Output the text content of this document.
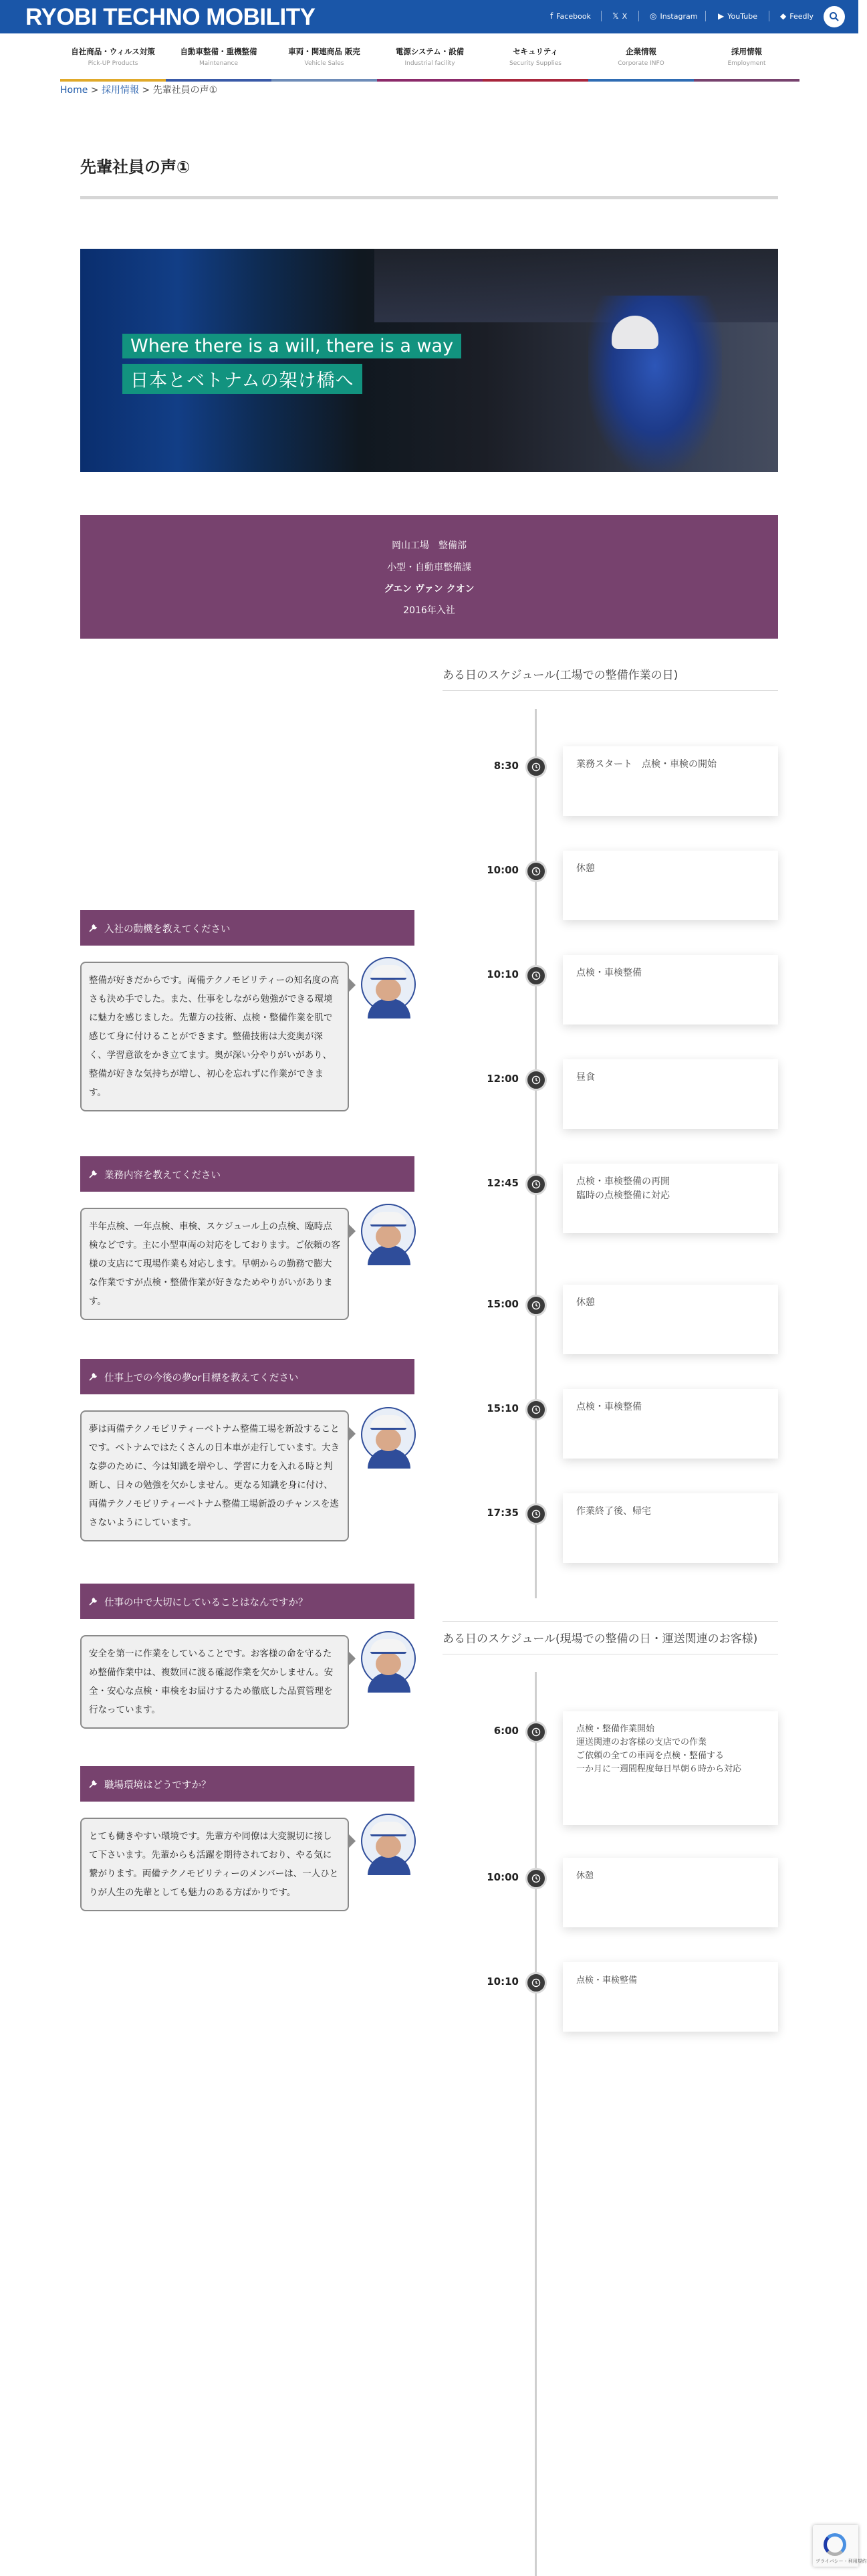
RYOBI TECHNO MOBILITY	f Facebook	𝕏 X	◎ Instagram	▶ YouTube	◆ Feedly
自社商品・ウィルス対策
Pick-UP Products
自動車整備・重機整備
Maintenance
車両・関連商品 販売
Vehicle Sales
電源システム・設備
Industrial facility
セキュリティ
Security Supplies
企業情報
Corporate INFO
採用情報
Employment
Home > 採用情報 > 先輩社員の声①
先輩社員の声①
Where there is a will, there is a way
日本とベトナムの架け橋へ
岡山工場　整備部
小型・自動車整備課
グエン ヴァン クオン
2016年入社
ある日のスケジュール(工場での整備作業の日)
8:30	業務スタート　点検・車検の開始
10:00	休憩
10:10	点検・車検整備
12:00	昼食
12:45	点検・車検整備の再開
臨時の点検整備に対応
15:00	休憩
15:10	点検・車検整備
17:35	作業終了後、帰宅
ある日のスケジュール(現場での整備の日・運送関連のお客様)
6:00	点検・整備作業開始
運送関連のお客様の支店での作業
ご依頼の全ての車両を点検・整備する
一か月に一週間程度毎日早朝６時から対応
10:00	休憩
10:10	点検・車検整備
入社の動機を教えてください
整備が好きだからです。両備テクノモビリティーの知名度の高さも決め手でした。また、仕事をしながら勉強ができる環境に魅力を感じました。先輩方の技術、点検・整備作業を肌で感じて身に付けることができます。整備技術は大変奥が深く、学習意欲をかき立てます。奥が深い分やりがいがあり、整備が好きな気持ちが増し、初心を忘れずに作業ができます。
業務内容を教えてください
半年点検、一年点検、車検、スケジュール上の点検、臨時点検などです。主に小型車両の対応をしております。ご依頼の客様の支店にて現場作業も対応します。早朝からの勤務で膨大な作業ですが点検・整備作業が好きなためやりがいがあります。
仕事上での今後の夢or目標を教えてください
夢は両備テクノモビリティーベトナム整備工場を新設することです。ベトナムではたくさんの日本車が走行しています。大きな夢のために、今は知識を増やし、学習に力を入れる時と判断し、日々の勉強を欠かしません。更なる知識を身に付け、両備テクノモビリティーベトナム整備工場新設のチャンスを逃さないようにしています。
仕事の中で大切にしていることはなんですか？
安全を第一に作業をしていることです。お客様の命を守るため整備作業中は、複数回に渡る確認作業を欠かしません。安全・安心な点検・車検をお届けするため徹底した品質管理を行なっています。
職場環境はどうですか？
とても働きやすい環境です。先輩方や同僚は大変親切に接して下さいます。先輩からも活躍を期待されており、やる気に繋がります。両備テクノモビリティーのメンバーは、一人ひとりが人生の先輩としても魅力のある方ばかりです。
プライバシー - 利用規約
